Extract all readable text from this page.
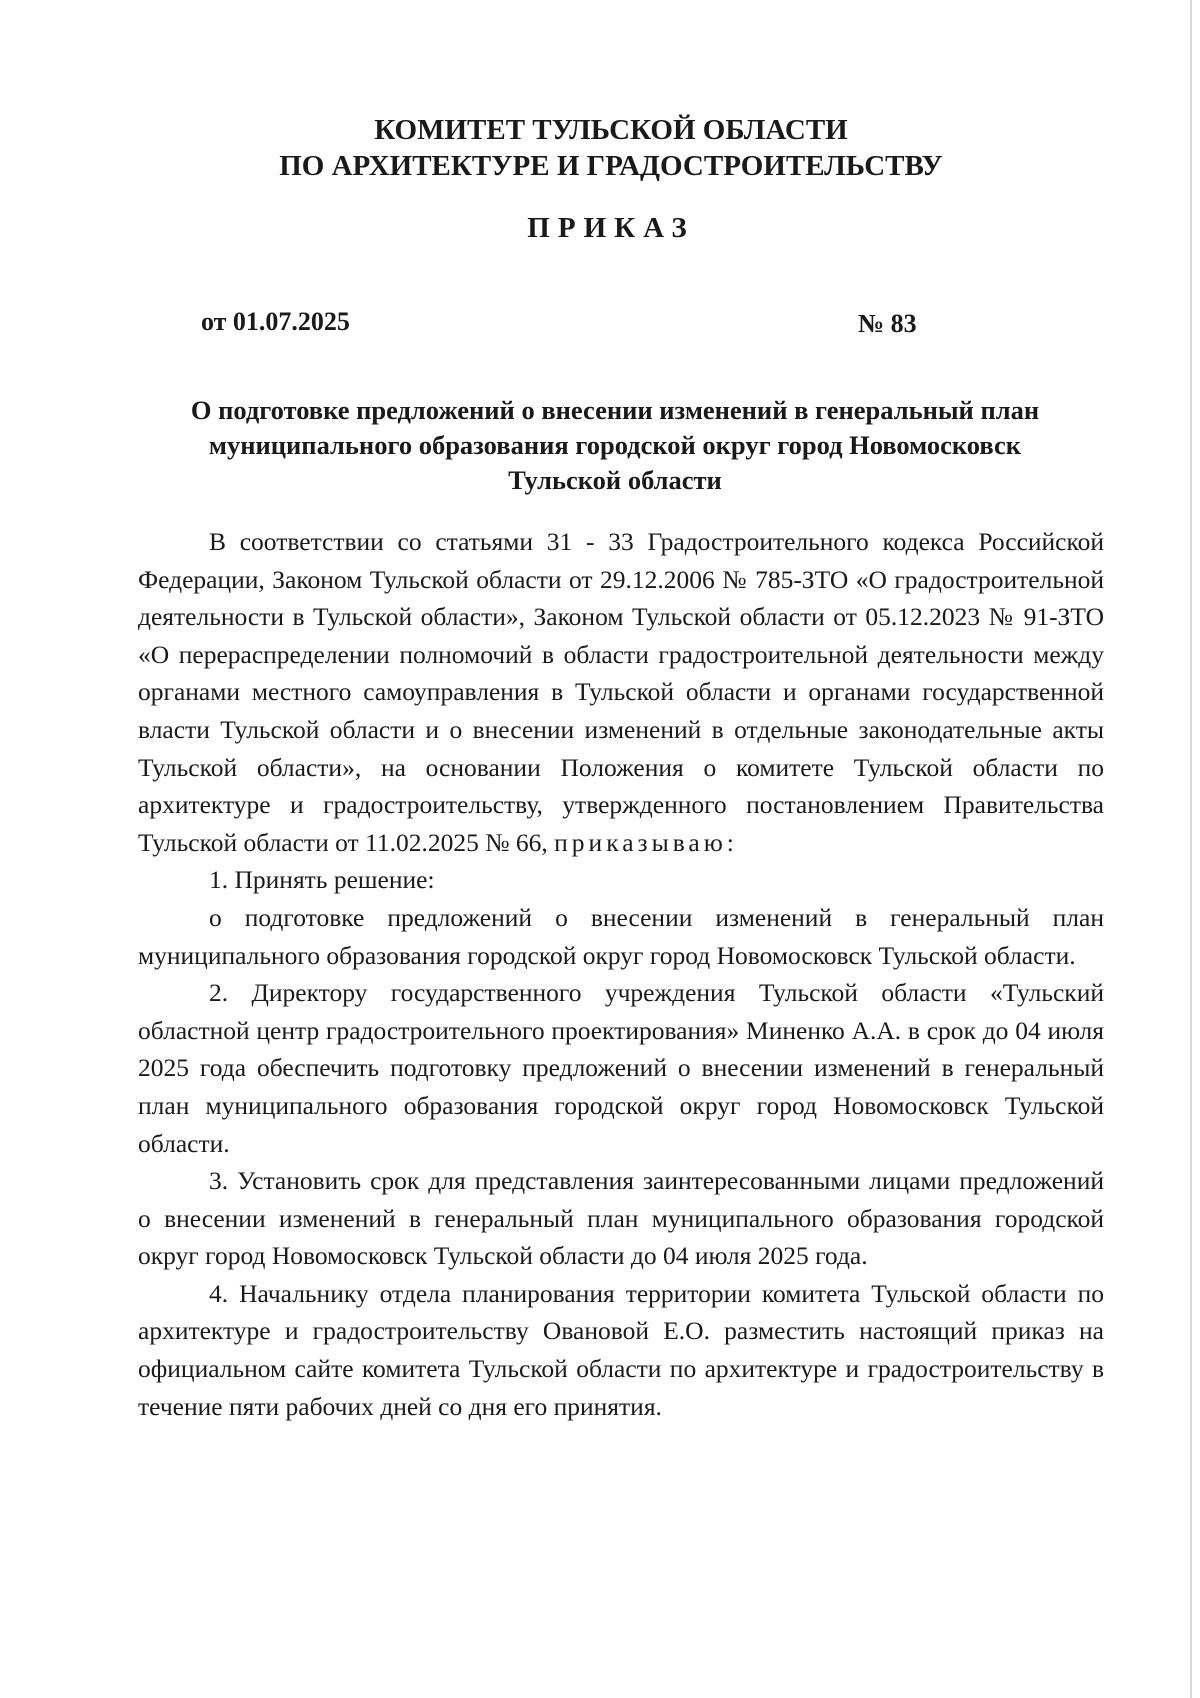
КОМИТЕТ ТУЛЬСКОЙ ОБЛАСТИ
ПО АРХИТЕКТУРЕ И ГРАДОСТРОИТЕЛЬСТВУ
ПРИКАЗ
от 01.07.2025	№ 83
О подготовке предложений о внесении изменений в генеральный план муниципального образования городской округ город Новомосковск Тульской области

В соответствии со статьями 31 - 33 Градостроительного кодекса Российской Федерации, Законом Тульской области от 29.12.2006 № 785-ЗТО «О градостроительной деятельности в Тульской области», Законом Тульской области от 05.12.2023 № 91-ЗТО «О перераспределении полномочий в области градостроительной деятельности между органами местного самоуправления в Тульской области и органами государственной власти Тульской области и о внесении изменений в отдельные законодательные акты Тульской области», на основании Положения о комитете Тульской области по архитектуре и градостроительству, утвержденного постановлением Правительства Тульской области от 11.02.2025 № 66, приказываю:

1. Принять решение:

о подготовке предложений о внесении изменений в генеральный план муниципального образования городской округ город Новомосковск Тульской области.

2. Директору государственного учреждения Тульской области «Тульский областной центр градостроительного проектирования» Миненко А.А. в срок до 04 июля 2025 года обеспечить подготовку предложений о внесении изменений в генеральный план муниципального образования городской округ город Новомосковск Тульской области.

3. Установить срок для представления заинтересованными лицами предложений о внесении изменений в генеральный план муниципального образования городской округ город Новомосковск Тульской области до 04 июля 2025 года.

4. Начальнику отдела планирования территории комитета Тульской области по архитектуре и градостроительству Овановой Е.О. разместить настоящий приказ на официальном сайте комитета Тульской области по архитектуре и градостроительству в течение пяти рабочих дней со дня его принятия.
